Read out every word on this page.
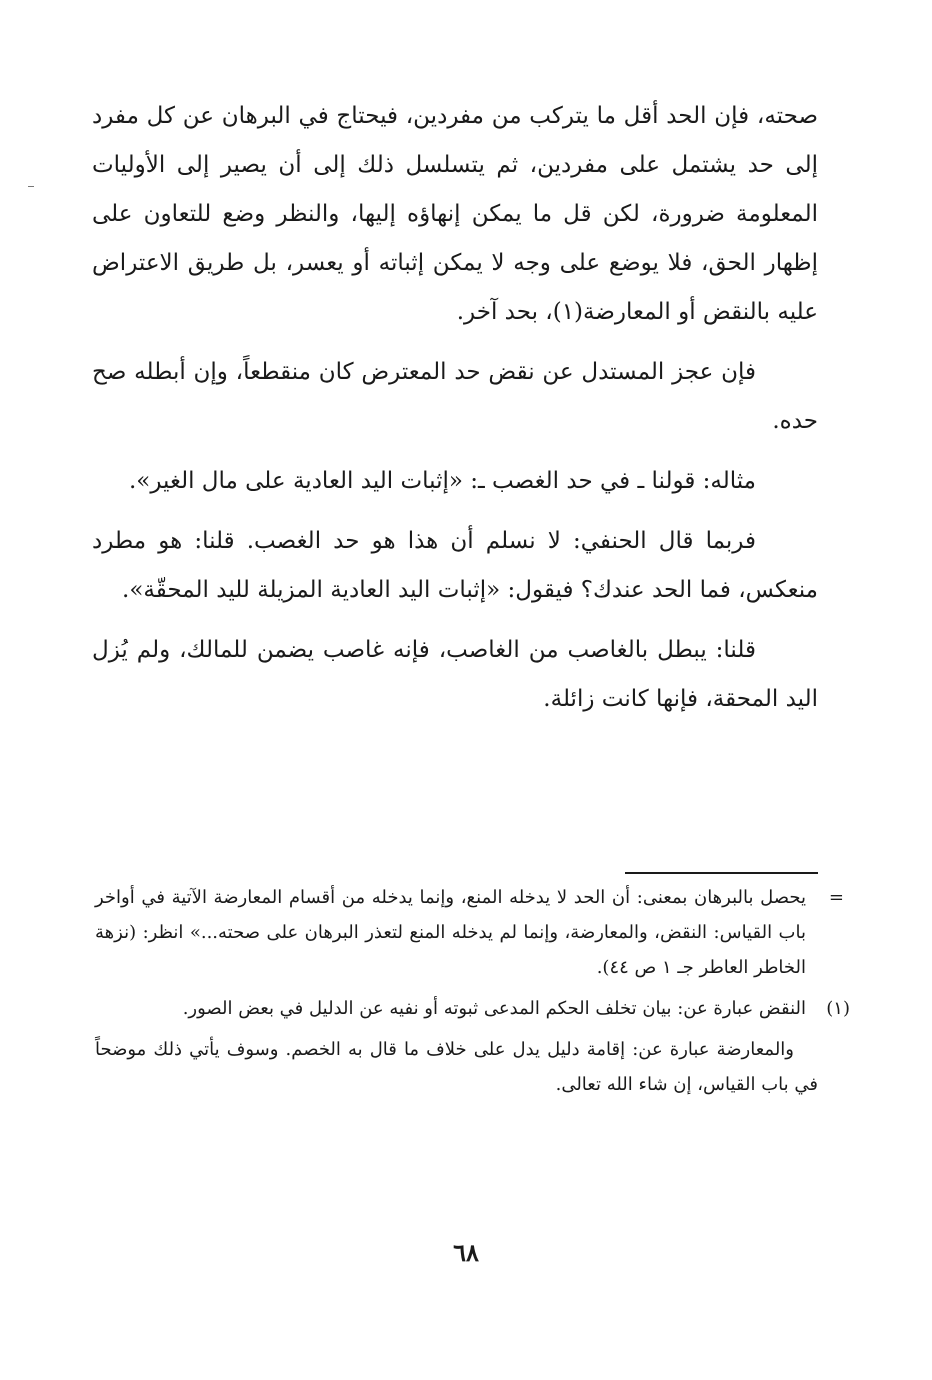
صحته، فإن الحد أقل ما يتركب من مفردين، فيحتاج في البرهان عن كل مفرد إلى حد يشتمل على مفردين، ثم يتسلسل ذلك إلى أن يصير إلى الأوليات المعلومة ضرورة، لكن قل ما يمكن إنهاؤه إليها، والنظر وضع للتعاون على إظهار الحق، فلا يوضع على وجه لا يمكن إثباته أو يعسر، بل طريق الاعتراض عليه بالنقض أو المعارضة(١)، بحد آخر.

فإن عجز المستدل عن نقض حد المعترض كان منقطعاً، وإن أبطله صح حده.

مثاله: قولنا ـ في حد الغصب ـ: «إثبات اليد العادية على مال الغير».

فربما قال الحنفي: لا نسلم أن هذا هو حد الغصب. قلنا: هو مطرد منعكس، فما الحد عندك؟ فيقول: «إثبات اليد العادية المزيلة لليد المحقّة».

قلنا: يبطل بالغاصب من الغاصب، فإنه غاصب يضمن للمالك، ولم يُزل اليد المحقة، فإنها كانت زائلة.

=
يحصل بالبرهان بمعنى: أن الحد لا يدخله المنع، وإنما يدخله من أقسام المعارضة الآتية في أواخر باب القياس: النقض، والمعارضة، وإنما لم يدخله المنع لتعذر البرهان على صحته...» انظر: (نزهة الخاطر العاطر جـ ١ ص ٤٤).
(١)
النقض عبارة عن: بيان تخلف الحكم المدعى ثبوته أو نفيه عن الدليل في بعض الصور.
والمعارضة عبارة عن: إقامة دليل يدل على خلاف ما قال به الخصم. وسوف يأتي ذلك موضحاً في باب القياس، إن شاء الله تعالى.
٦٨
